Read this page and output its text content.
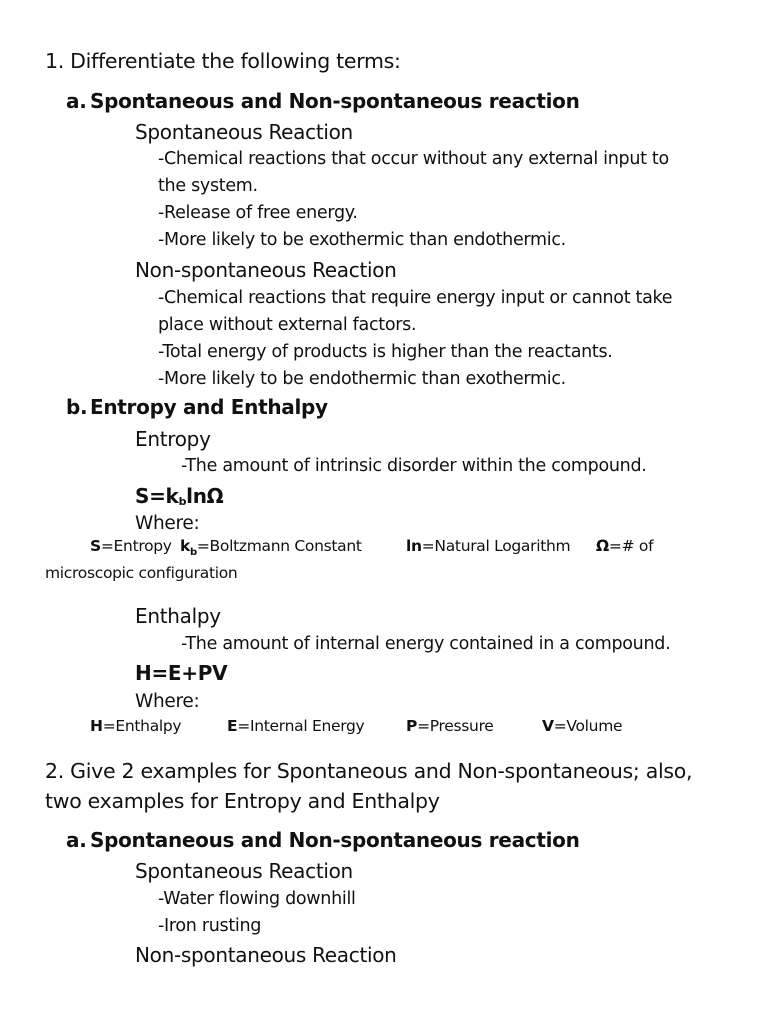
1. Differentiate the following terms:
a. Spontaneous and Non-spontaneous reaction
Spontaneous Reaction
-Chemical reactions that occur without any external input to
the system.
-Release of free energy.
-More likely to be exothermic than endothermic.
Non-spontaneous Reaction
-Chemical reactions that require energy input or cannot take
place without external factors.
-Total energy of products is higher than the reactants.
-More likely to be endothermic than exothermic.
b. Entropy and Enthalpy
Entropy
-The amount of intrinsic disorder within the compound.
$S=k_b\ln\Omega$
Where:
S=Entropy $k_b=Boltzmann$ Constant	ln=Natural Logarithm Ω=# of
microscopic configuration
Enthalpy
-The amount of internal energy contained in a compound.
H=E+PV
Where:
H=Enthalpy	E=Internal Energy	P=Pressure	V=Volume
2. Give 2 examples for Spontaneous and Non-spontaneous; also,
two examples for Entropy and Enthalpy
a. Spontaneous and Non-spontaneous reaction
Spontaneous Reaction
-Water flowing downhill
-Iron rusting
Non-spontaneous Reaction
